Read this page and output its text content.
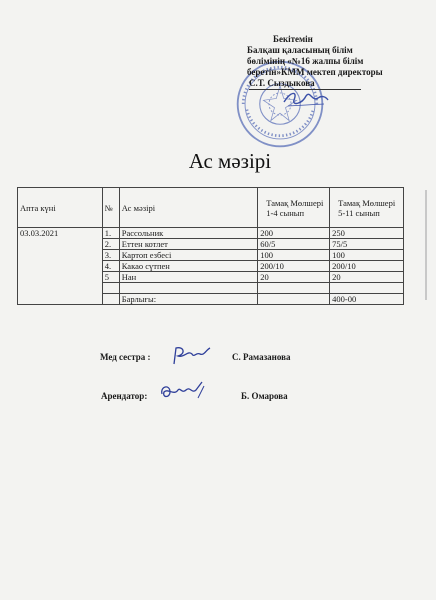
Бекітемін
Балқаш қаласының білім
бөлімінің «№16 жалпы білім
беретін»КММ мектеп директоры
С.Т. Сыздыкова
Ас мәзірі
Апта күні	№	Ас мәзірі	Тамақ Мөлшері 1-4 сынып	Тамақ Мөлшері 5-11 сынып
03.03.2021	1.	Рассольник	200	250
	2.	Еттен котлет	60/5	75/5
	3.	Картоп езбесі	100	100
	4.	Какао сүтпен	200/10	200/10
	5	Нан	20	20

		Барлығы:		400-00
Мед сестра :	С. Рамазанова
Арендатор:	Б. Омарова
